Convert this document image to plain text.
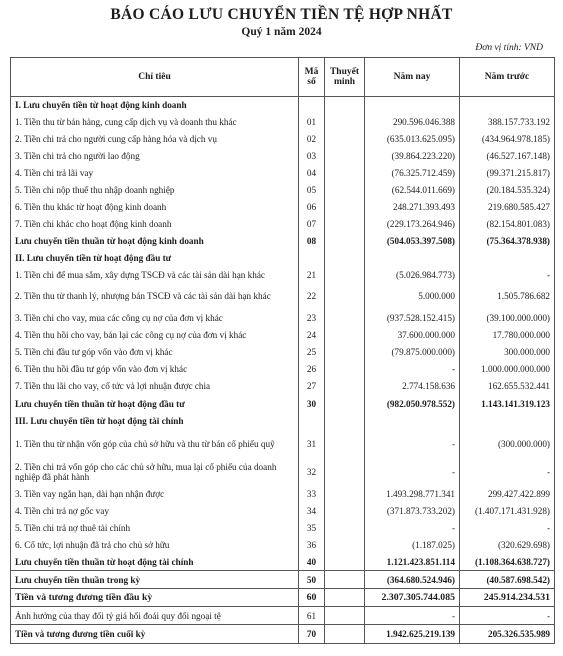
BÁO CÁO LƯU CHUYỂN TIỀN TỆ HỢP NHẤT
Quý 1 năm 2024
Đơn vị tính: VND
Chỉ tiêu	Mã số	Thuyết minh	Năm nay	Năm trước
I. Lưu chuyển tiền từ hoạt động kinh doanh				
1. Tiền thu từ bán hàng, cung cấp dịch vụ và doanh thu khác	01		290.596.046.388	388.157.733.192
2. Tiền chi trả cho người cung cấp hàng hóa và dịch vụ	02		(635.013.625.095)	(434.964.978.185)
3. Tiền chi trả cho người lao động	03		(39.864.223.220)	(46.527.167.148)
4. Tiền chi trả lãi vay	04		(76.325.712.459)	(99.371.215.817)
5. Tiền chi nộp thuế thu nhập doanh nghiệp	05		(62.544.011.669)	(20.184.535.324)
6. Tiền thu khác từ hoạt động kinh doanh	06		248.271.393.493	219.680.585.427
7. Tiền chi khác cho hoạt động kinh doanh	07		(229.173.264.946)	(82.154.801.083)
Lưu chuyển tiền thuần từ hoạt động kinh doanh	08		(504.053.397.508)	(75.364.378.938)
II. Lưu chuyển tiền từ hoạt động đầu tư				
1. Tiền chi để mua sắm, xây dựng TSCĐ và các tài sản dài hạn khác	21		(5.026.984.773)	-
2. Tiền thu từ thanh lý, nhượng bán TSCĐ và các tài sản dài hạn khác	22		5.000.000	1.505.786.682
3. Tiền chi cho vay, mua các công cụ nợ của đơn vị khác	23		(937.528.152.415)	(39.100.000.000)
4. Tiền thu hồi cho vay, bán lại các công cụ nợ của đơn vị khác	24		37.600.000.000	17.780.000.000
5. Tiền chi đầu tư góp vốn vào đơn vị khác	25		(79.875.000.000)	300.000.000
6. Tiền thu hồi đầu tư góp vốn vào đơn vị khác	26		-	1.000.000.000.000
7. Tiền thu lãi cho vay, cổ tức và lợi nhuận được chia	27		2.774.158.636	162.655.532.441
Lưu chuyển tiền thuần từ hoạt động đầu tư	30		(982.050.978.552)	1.143.141.319.123
III. Lưu chuyển tiền từ hoạt động tài chính				
1. Tiền thu từ nhận vốn góp của chủ sở hữu và thu từ bán cổ phiếu quỹ	31		-	(300.000.000)
2. Tiền chi trả vốn góp cho các chủ sở hữu, mua lại cổ phiếu của doanh nghiệp đã phát hành	32		-	-
3. Tiền vay ngắn hạn, dài hạn nhận được	33		1.493.298.771.341	299.427.422.899
4. Tiền chi trả nợ gốc vay	34		(371.873.733.202)	(1.407.171.431.928)
5. Tiền chi trả nợ thuê tài chính	35		-	-
6. Cổ tức, lợi nhuận đã trả cho chủ sở hữu	36		(1.187.025)	(320.629.698)
Lưu chuyển tiền thuần từ hoạt động tài chính	40		1.121.423.851.114	(1.108.364.638.727)
Lưu chuyển tiền thuần trong kỳ	50		(364.680.524.946)	(40.587.698.542)
Tiền và tương đương tiền đầu kỳ	60		2.307.305.744.085	245.914.234.531
Ảnh hưởng của thay đổi tỷ giá hối đoái quy đổi ngoại tệ	61		-	-
Tiền và tương đương tiền cuối kỳ	70		1.942.625.219.139	205.326.535.989
